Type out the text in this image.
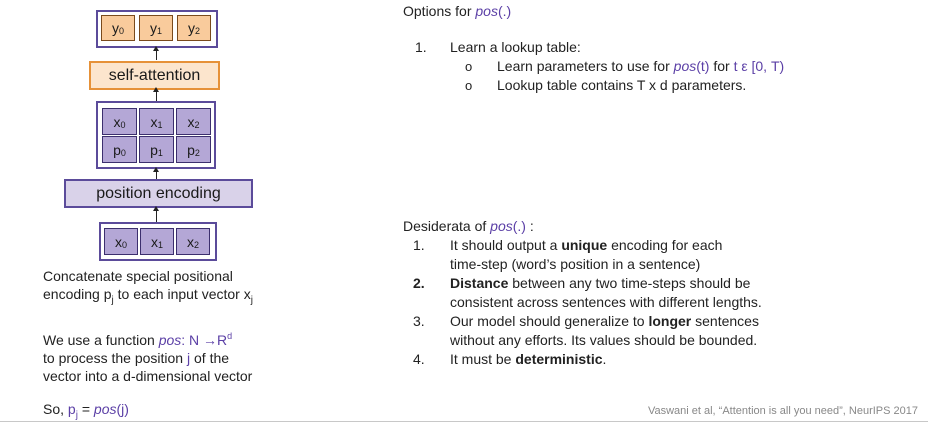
$y_0$ $y_1$ $y_2$
self-attention
$x_0$ $x_1$ $x_2$
$p_0$ $p_1$ $p_2$
position encoding
$x_0$ $x_1$ $x_2$
Concatenate special positional
encoding $p_j$ to each input vector $x_j$
We use a function pos: $N \to R^d$
to process the position j of the
vector into a d-dimensional vector
So, $p_j = pos(j)$
Options for pos(.)
1. Learn a lookup table:
o Learn parameters to use for pos(t) for t ε [0, T)
o Lookup table contains T x d parameters.
Desiderata of pos(.) :
1. It should output a unique encoding for each
time-step (word’s position in a sentence)
2. Distance between any two time-steps should be
consistent across sentences with different lengths.
3. Our model should generalize to longer sentences
without any efforts. Its values should be bounded.
4. It must be deterministic.
Vaswani et al, “Attention is all you need”, NeurIPS 2017
